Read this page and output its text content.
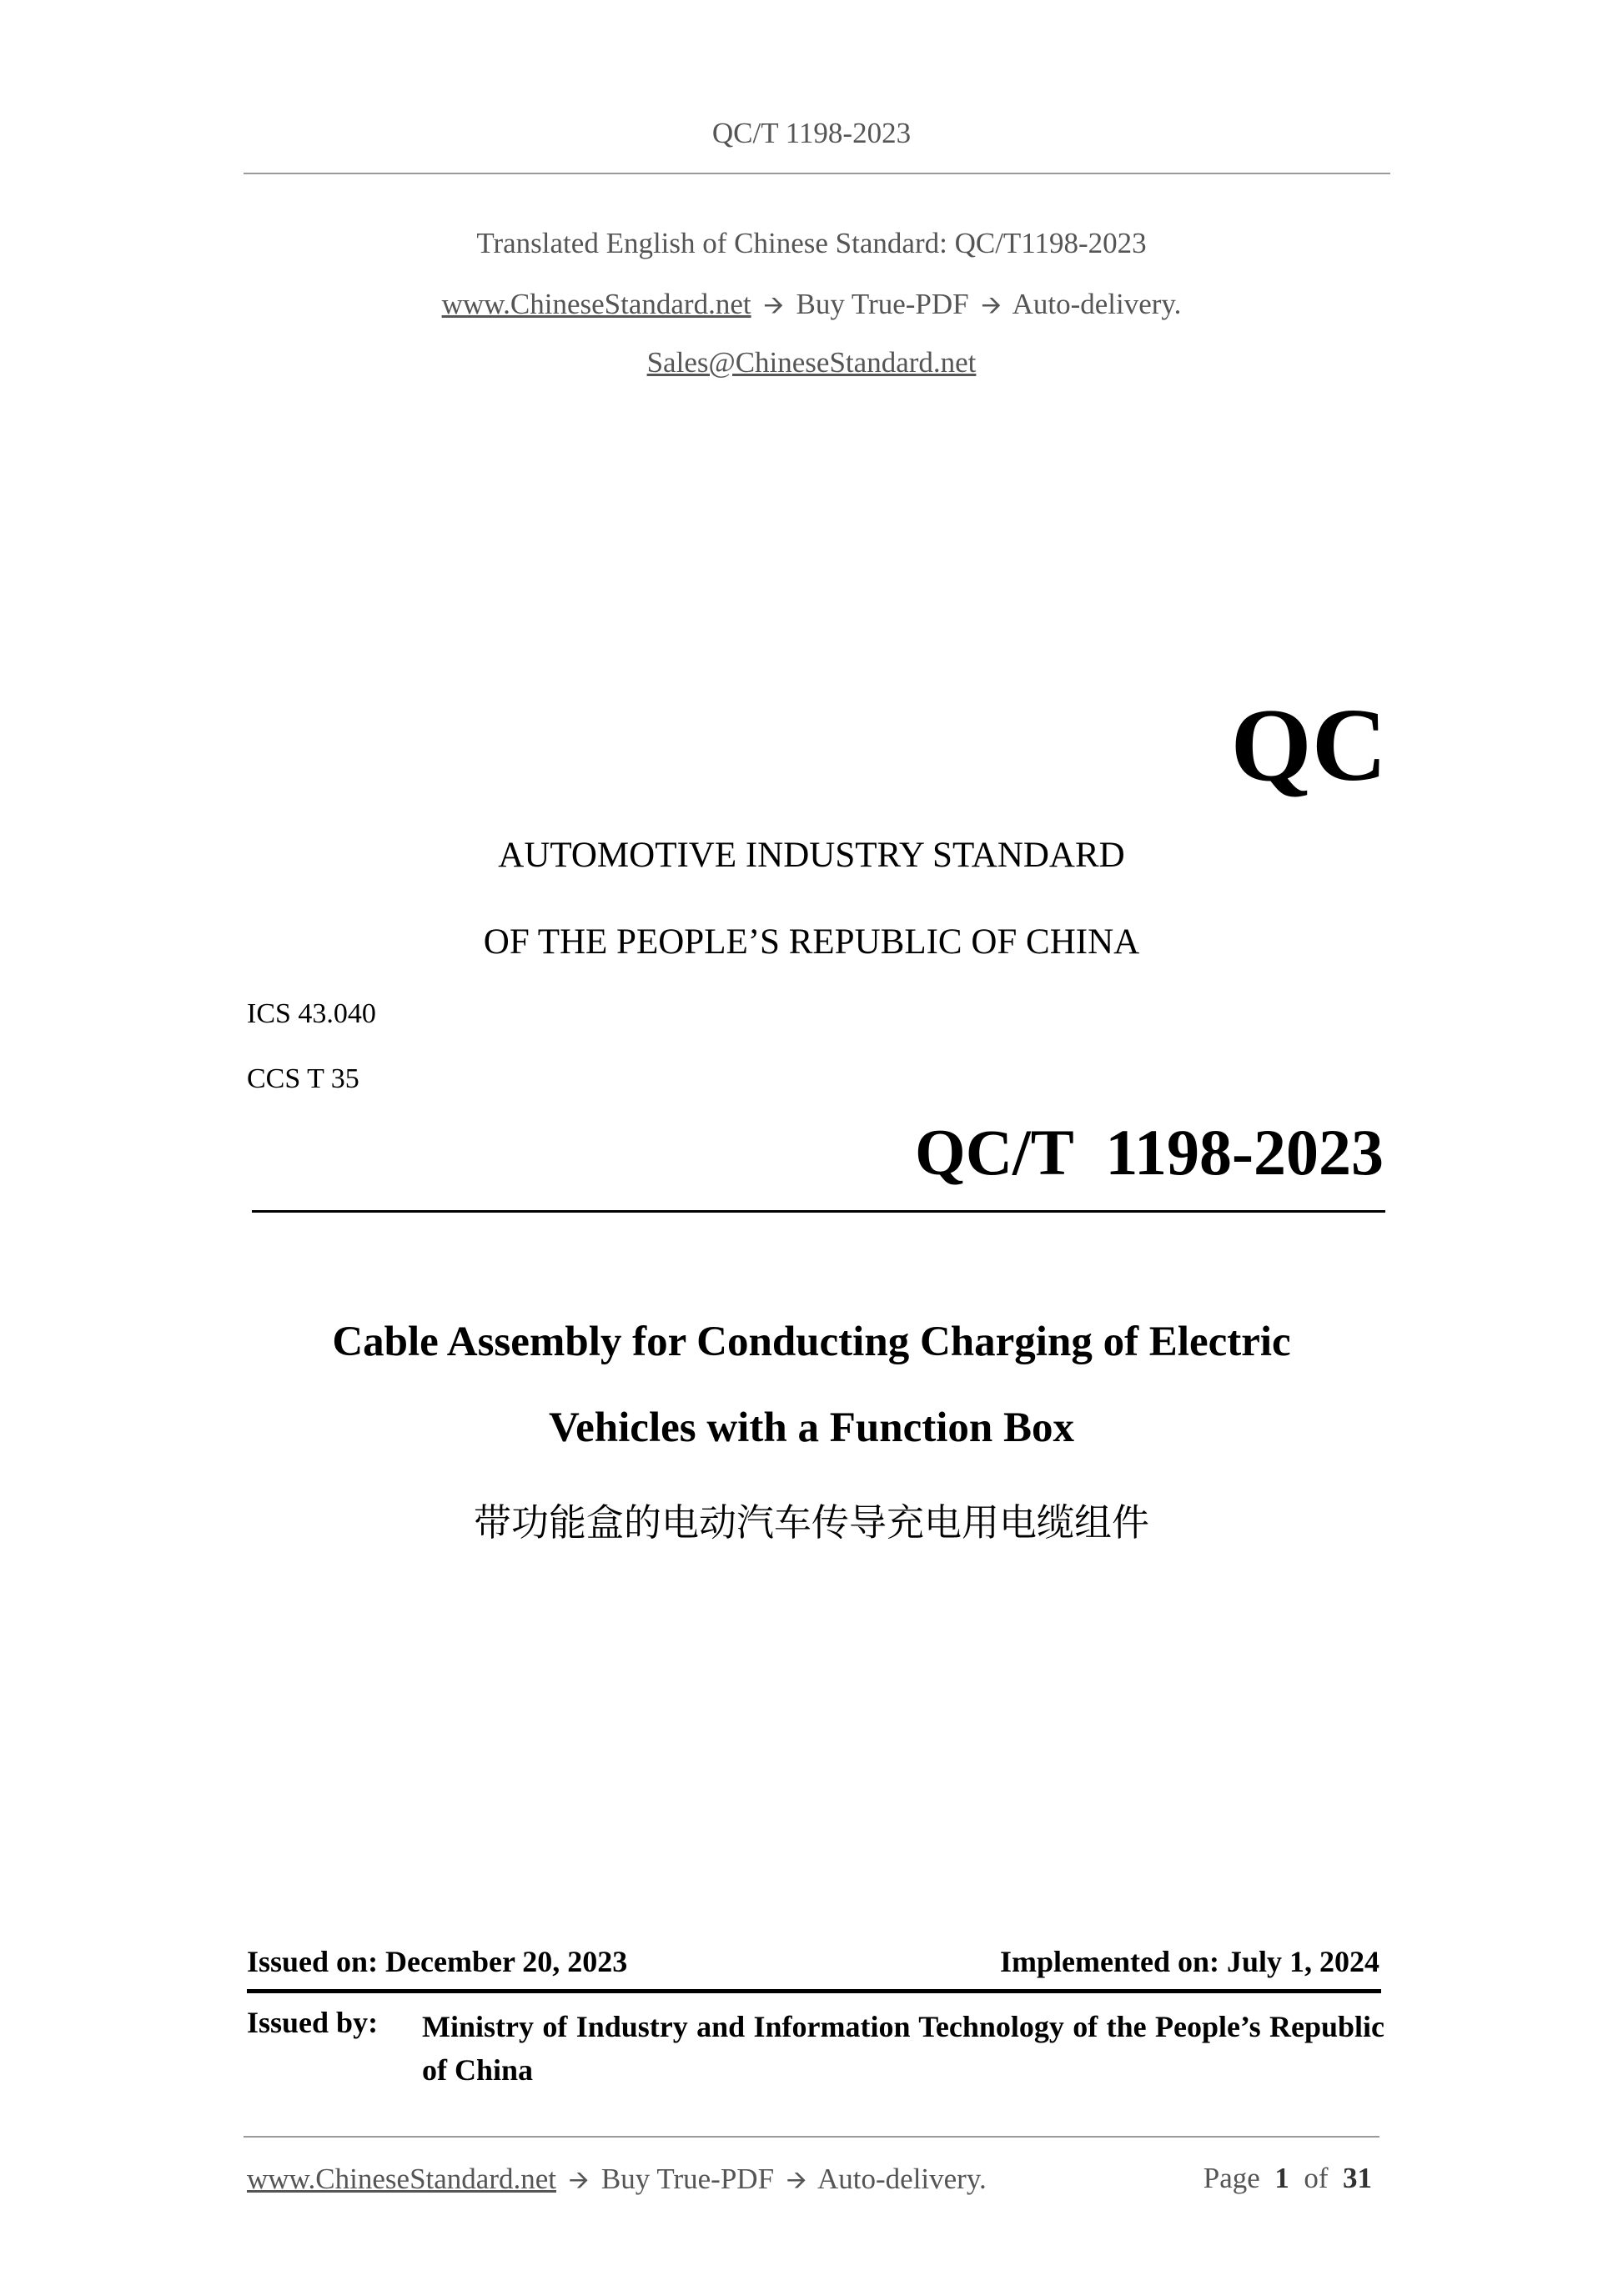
QC/T 1198-2023
Translated English of Chinese Standard: QC/T1198-2023
www.ChineseStandard.net 🡪 Buy True-PDF 🡪 Auto-delivery.
Sales@ChineseStandard.net
QC
AUTOMOTIVE INDUSTRY STANDARD
OF THE PEOPLE’S REPUBLIC OF CHINA
ICS 43.040
CCS T 35
QC/T  1198-2023
Cable Assembly for Conducting Charging of Electric
Vehicles with a Function Box
带功能盒的电动汽车传导充电用电缆组件
Issued on: December 20, 2023	Implemented on: July 1, 2024
Issued by: Ministry of Industry and Information Technology of the People’s Republic of China
www.ChineseStandard.net 🡪 Buy True-PDF 🡪 Auto-delivery.	Page 1 of 31
